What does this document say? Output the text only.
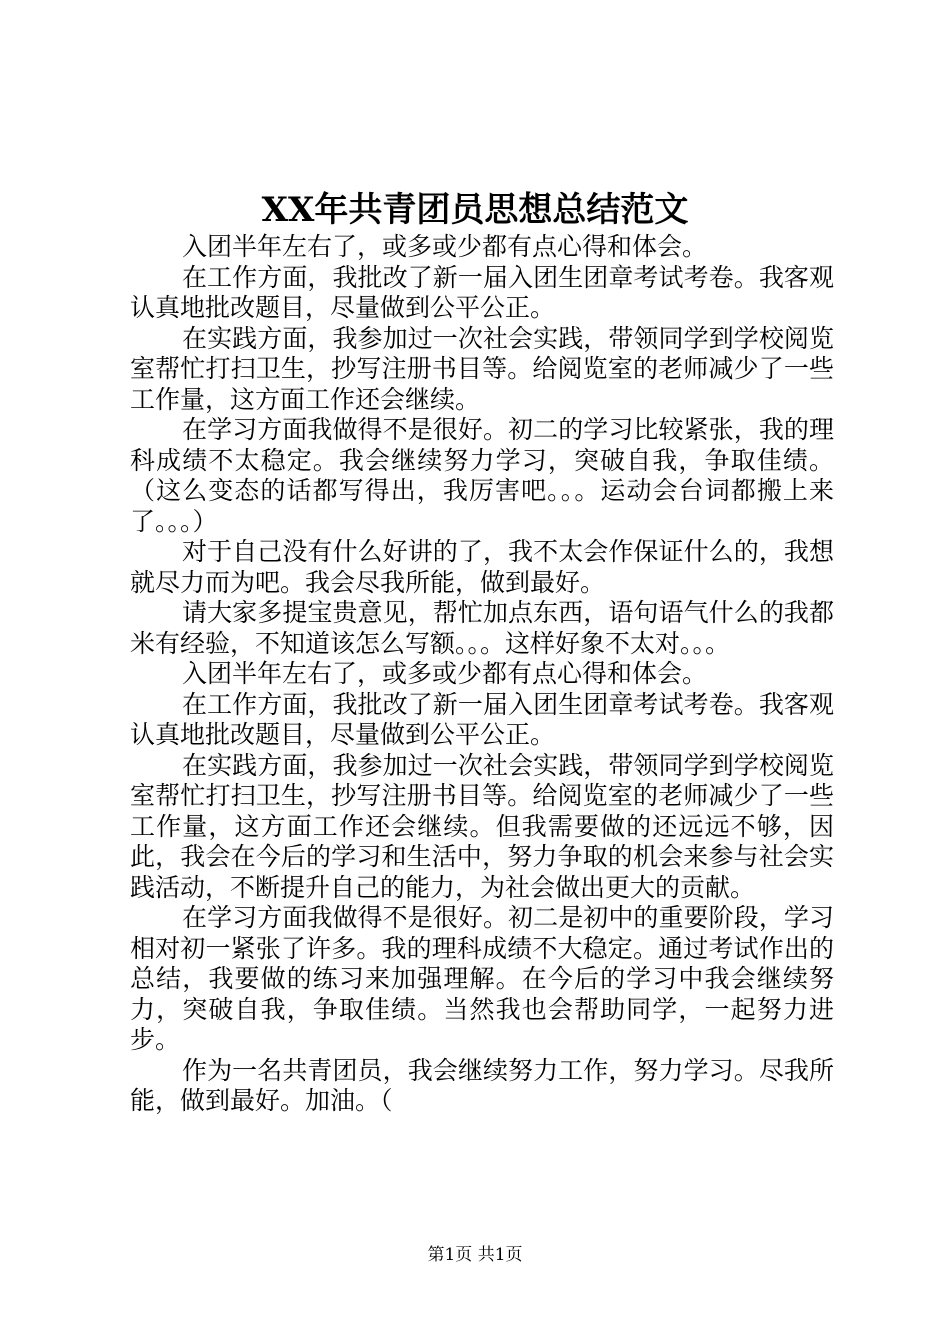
XX年共青团员思想总结范文

入团半年左右了，或多或少都有点心得和体会。

在工作方面，我批改了新一届入团生团章考试考卷。我客观认真地批改题目，尽量做到公平公正。

在实践方面，我参加过一次社会实践，带领同学到学校阅览室帮忙打扫卫生，抄写注册书目等。给阅览室的老师减少了一些工作量，这方面工作还会继续。

在学习方面我做得不是很好。初二的学习比较紧张，我的理科成绩不太稳定。我会继续努力学习，突破自我，争取佳绩。（这么变态的话都写得出，我厉害吧。。。运动会台词都搬上来了。。。）

对于自己没有什么好讲的了，我不太会作保证什么的，我想就尽力而为吧。我会尽我所能，做到最好。

请大家多提宝贵意见，帮忙加点东西，语句语气什么的我都米有经验，不知道该怎么写额。。。这样好象不太对。。。

入团半年左右了，或多或少都有点心得和体会。

在工作方面，我批改了新一届入团生团章考试考卷。我客观认真地批改题目，尽量做到公平公正。

在实践方面，我参加过一次社会实践，带领同学到学校阅览室帮忙打扫卫生，抄写注册书目等。给阅览室的老师减少了一些工作量，这方面工作还会继续。但我需要做的还远远不够，因此，我会在今后的学习和生活中，努力争取的机会来参与社会实践活动，不断提升自己的能力，为社会做出更大的贡献。

在学习方面我做得不是很好。初二是初中的重要阶段，学习相对初一紧张了许多。我的理科成绩不大稳定。通过考试作出的总结，我要做的练习来加强理解。在今后的学习中我会继续努力，突破自我，争取佳绩。当然我也会帮助同学，一起努力进步。

作为一名共青团员，我会继续努力工作，努力学习。尽我所能，做到最好。加油。（

第1页 共1页
